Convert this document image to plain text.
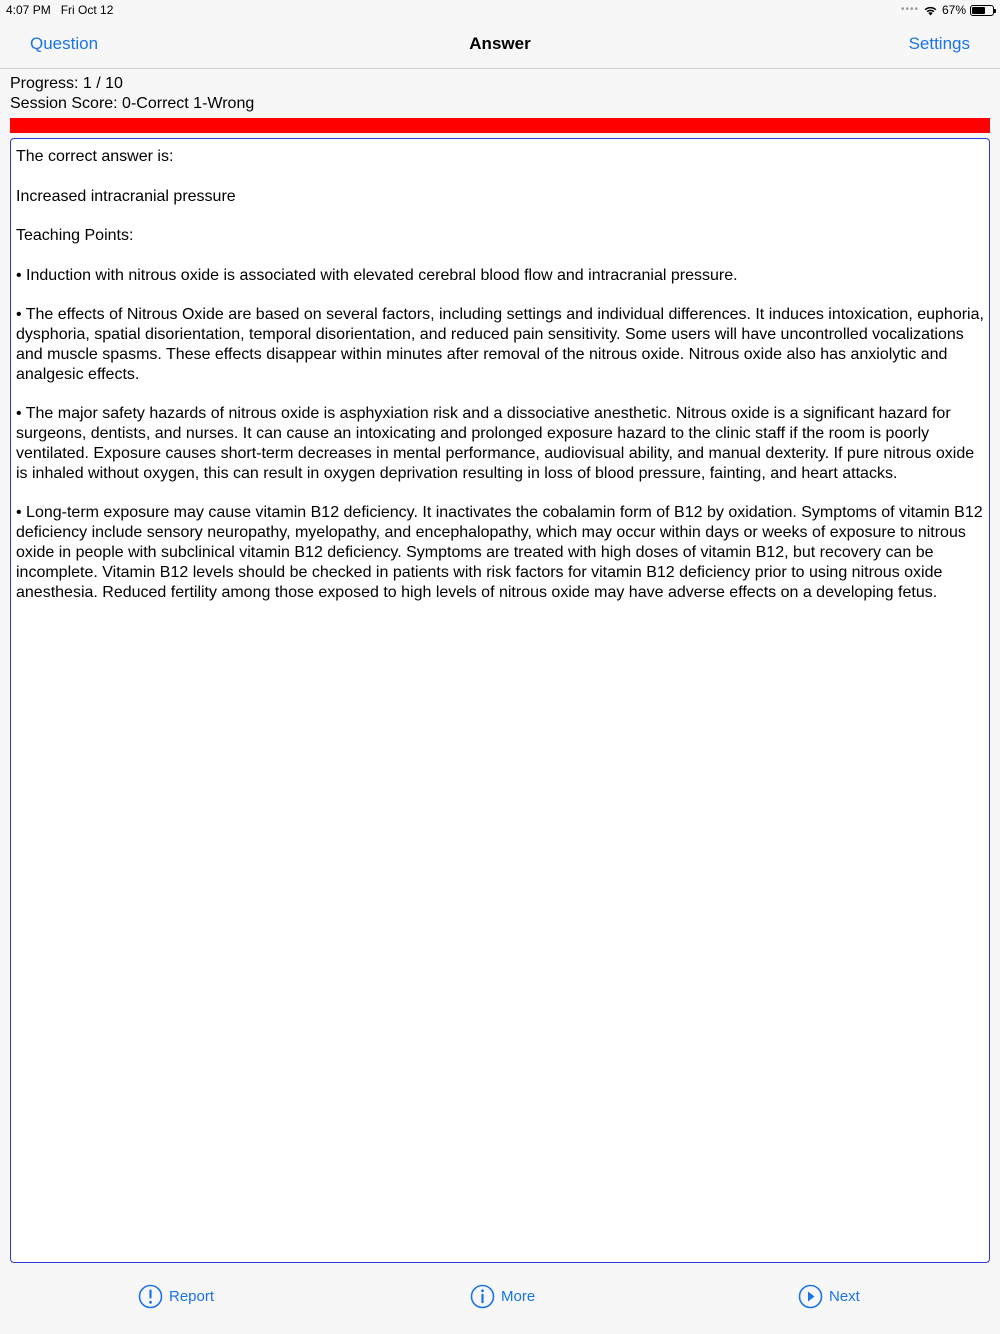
4:07 PM Fri Oct 12	•••• 67%
Question	Answer	Settings
Progress: 1 / 10
Session Score: 0-Correct 1-Wrong

The correct answer is:

Increased intracranial pressure

Teaching Points:

• Induction with nitrous oxide is associated with elevated cerebral blood flow and intracranial pressure.

• The effects of Nitrous Oxide are based on several factors, including settings and individual differences. It induces intoxication, euphoria, dysphoria, spatial disorientation, temporal disorientation, and reduced pain sensitivity. Some users will have uncontrolled vocalizations and muscle spasms. These effects disappear within minutes after removal of the nitrous oxide. Nitrous oxide also has anxiolytic and analgesic effects.

• The major safety hazards of nitrous oxide is asphyxiation risk and a dissociative anesthetic. Nitrous oxide is a significant hazard for surgeons, dentists, and nurses. It can cause an intoxicating and prolonged exposure hazard to the clinic staff if the room is poorly ventilated. Exposure causes short-term decreases in mental performance, audiovisual ability, and manual dexterity. If pure nitrous oxide is inhaled without oxygen, this can result in oxygen deprivation resulting in loss of blood pressure, fainting, and heart attacks.

• Long-term exposure may cause vitamin B12 deficiency. It inactivates the cobalamin form of B12 by oxidation. Symptoms of vitamin B12 deficiency include sensory neuropathy, myelopathy, and encephalopathy, which may occur within days or weeks of exposure to nitrous oxide in people with subclinical vitamin B12 deficiency. Symptoms are treated with high doses of vitamin B12, but recovery can be incomplete. Vitamin B12 levels should be checked in patients with risk factors for vitamin B12 deficiency prior to using nitrous oxide anesthesia. Reduced fertility among those exposed to high levels of nitrous oxide may have adverse effects on a developing fetus.

Report	More	Next
